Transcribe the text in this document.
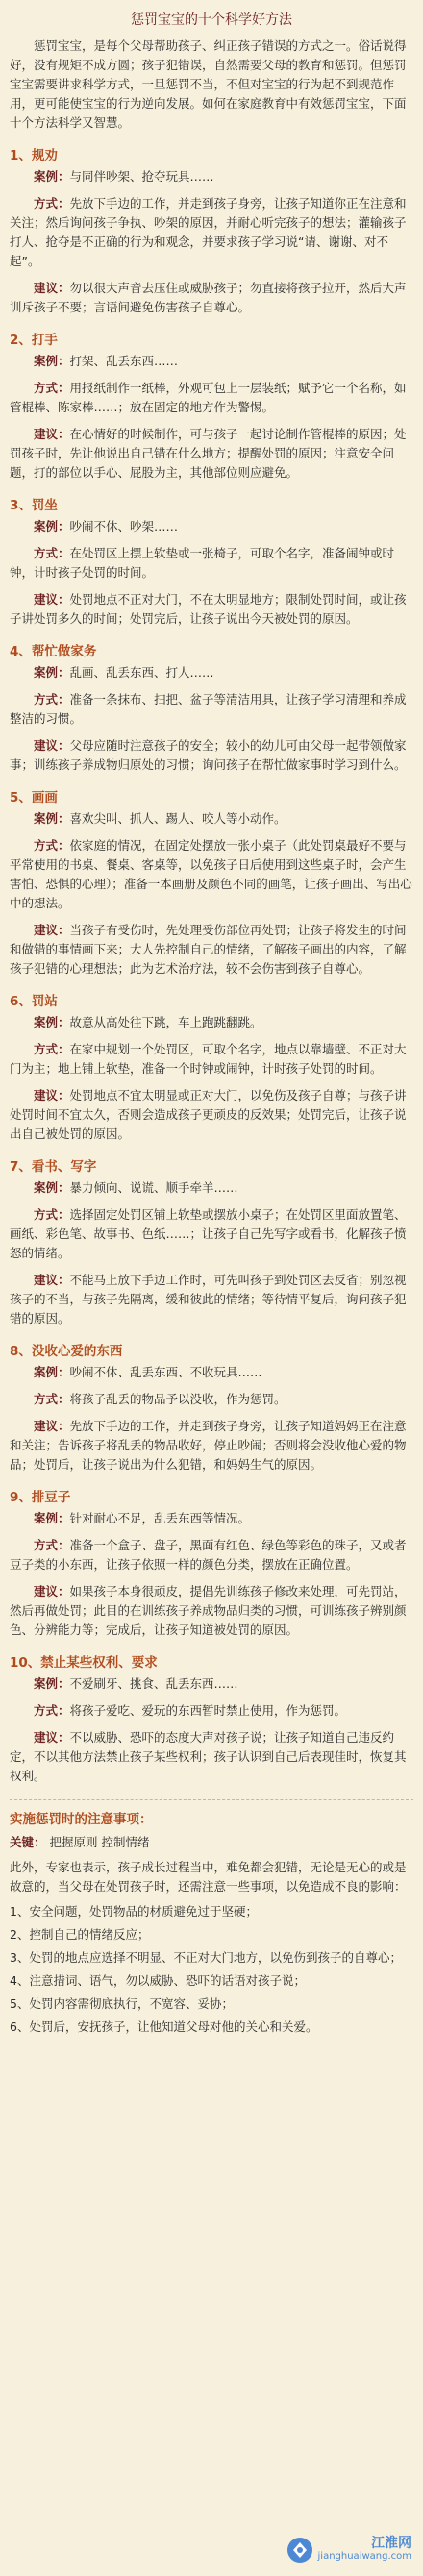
惩罚宝宝的十个科学好方法

惩罚宝宝，是每个父母帮助孩子、纠正孩子错误的方式之一。俗话说得好，没有规矩不成方圆；孩子犯错误，自然需要父母的教育和惩罚。但惩罚宝宝需要讲求科学方式，一旦惩罚不当，不但对宝宝的行为起不到规范作用，更可能使宝宝的行为逆向发展。如何在家庭教育中有效惩罚宝宝，下面十个方法科学又智慧。

1、规劝
案例：与同伴吵架、抢夺玩具……
方式：先放下手边的工作，并走到孩子身旁，让孩子知道你正在注意和关注；然后询问孩子争执、吵架的原因，并耐心听完孩子的想法；灌输孩子打人、抢夺是不正确的行为和观念，并要求孩子学习说“请、谢谢、对不起”。
建议：勿以很大声音去压住或威胁孩子；勿直接将孩子拉开，然后大声训斥孩子不要；言语间避免伤害孩子自尊心。
2、打手
案例：打架、乱丢东西……
方式：用报纸制作一纸棒，外观可包上一层装纸；赋予它一个名称，如管棍棒、陈家棒……；放在固定的地方作为警惕。
建议：在心情好的时候制作，可与孩子一起讨论制作管棍棒的原因；处罚孩子时，先让他说出自己错在什么地方；提醒处罚的原因；注意安全问题，打的部位以手心、屁股为主，其他部位则应避免。
3、罚坐
案例：吵闹不休、吵架……
方式：在处罚区上摆上软垫或一张椅子，可取个名字，准备闹钟或时钟，计时孩子处罚的时间。
建议：处罚地点不正对大门，不在太明显地方；限制处罚时间，或让孩子讲处罚多久的时间；处罚完后，让孩子说出今天被处罚的原因。
4、帮忙做家务
案例：乱画、乱丢东西、打人……
方式：准备一条抹布、扫把、盆子等清洁用具，让孩子学习清理和养成整洁的习惯。
建议：父母应随时注意孩子的安全；较小的幼儿可由父母一起带领做家事；训练孩子养成物归原处的习惯；询问孩子在帮忙做家事时学习到什么。
5、画画
案例：喜欢尖叫、抓人、踢人、咬人等小动作。
方式：依家庭的情况，在固定处摆放一张小桌子（此处罚桌最好不要与平常使用的书桌、餐桌、客桌等，以免孩子日后使用到这些桌子时，会产生害怕、恐惧的心理）；准备一本画册及颜色不同的画笔，让孩子画出、写出心中的想法。
建议：当孩子有受伤时，先处理受伤部位再处罚；让孩子将发生的时间和做错的事情画下来；大人先控制自己的情绪，了解孩子画出的内容，了解孩子犯错的心理想法；此为艺术治疗法，较不会伤害到孩子自尊心。
6、罚站
案例：故意从高处往下跳，车上跑跳翻跳。
方式：在家中规划一个处罚区，可取个名字，地点以靠墙壁、不正对大门为主；地上铺上软垫，准备一个时钟或闹钟，计时孩子处罚的时间。
建议：处罚地点不宜太明显或正对大门，以免伤及孩子自尊；与孩子讲处罚时间不宜太久，否则会造成孩子更顽皮的反效果；处罚完后，让孩子说出自己被处罚的原因。
7、看书、写字
案例：暴力倾向、说谎、顺手牵羊……
方式：选择固定处罚区铺上软垫或摆放小桌子；在处罚区里面放置笔、画纸、彩色笔、故事书、色纸……；让孩子自己先写字或看书，化解孩子愤怒的情绪。
建议：不能马上放下手边工作时，可先叫孩子到处罚区去反省；别忽视孩子的不当，与孩子先隔离，缓和彼此的情绪；等待情平复后，询问孩子犯错的原因。
8、没收心爱的东西
案例：吵闹不休、乱丢东西、不收玩具……
方式：将孩子乱丢的物品予以没收，作为惩罚。
建议：先放下手边的工作，并走到孩子身旁，让孩子知道妈妈正在注意和关注；告诉孩子将乱丢的物品收好，停止吵闹；否则将会没收他心爱的物品；处罚后，让孩子说出为什么犯错，和妈妈生气的原因。
9、排豆子
案例：针对耐心不足，乱丢东西等情况。
方式：准备一个盒子、盘子，黑面有红色、绿色等彩色的珠子，又或者豆子类的小东西，让孩子依照一样的颜色分类，摆放在正确位置。
建议：如果孩子本身很顽皮，提倡先训练孩子修改来处理，可先罚站，然后再做处罚；此目的在训练孩子养成物品归类的习惯，可训练孩子辨别颜色、分辨能力等；完成后，让孩子知道被处罚的原因。
10、禁止某些权利、要求
案例：不爱刷牙、挑食、乱丢东西……
方式：将孩子爱吃、爱玩的东西暂时禁止使用，作为惩罚。
建议：不以威胁、恐吓的态度大声对孩子说；让孩子知道自己违反约定，不以其他方法禁止孩子某些权利；孩子认识到自己后表现佳时，恢复其权利。
实施惩罚时的注意事项：
关键： 把握原则 控制情绪
此外，专家也表示，孩子成长过程当中，难免都会犯错，无论是无心的或是故意的，当父母在处罚孩子时，还需注意一些事项，以免造成不良的影响：
1、安全问题，处罚物品的材质避免过于坚硬；
2、控制自己的情绪反应；
3、处罚的地点应选择不明显、不正对大门地方，以免伤到孩子的自尊心；
4、注意措词、语气，勿以威胁、恐吓的话语对孩子说；
5、处罚内容需彻底执行，不宽容、妥协；
6、处罚后，安抚孩子，让他知道父母对他的关心和关爱。
江淮网
jianghuaiwang.com
